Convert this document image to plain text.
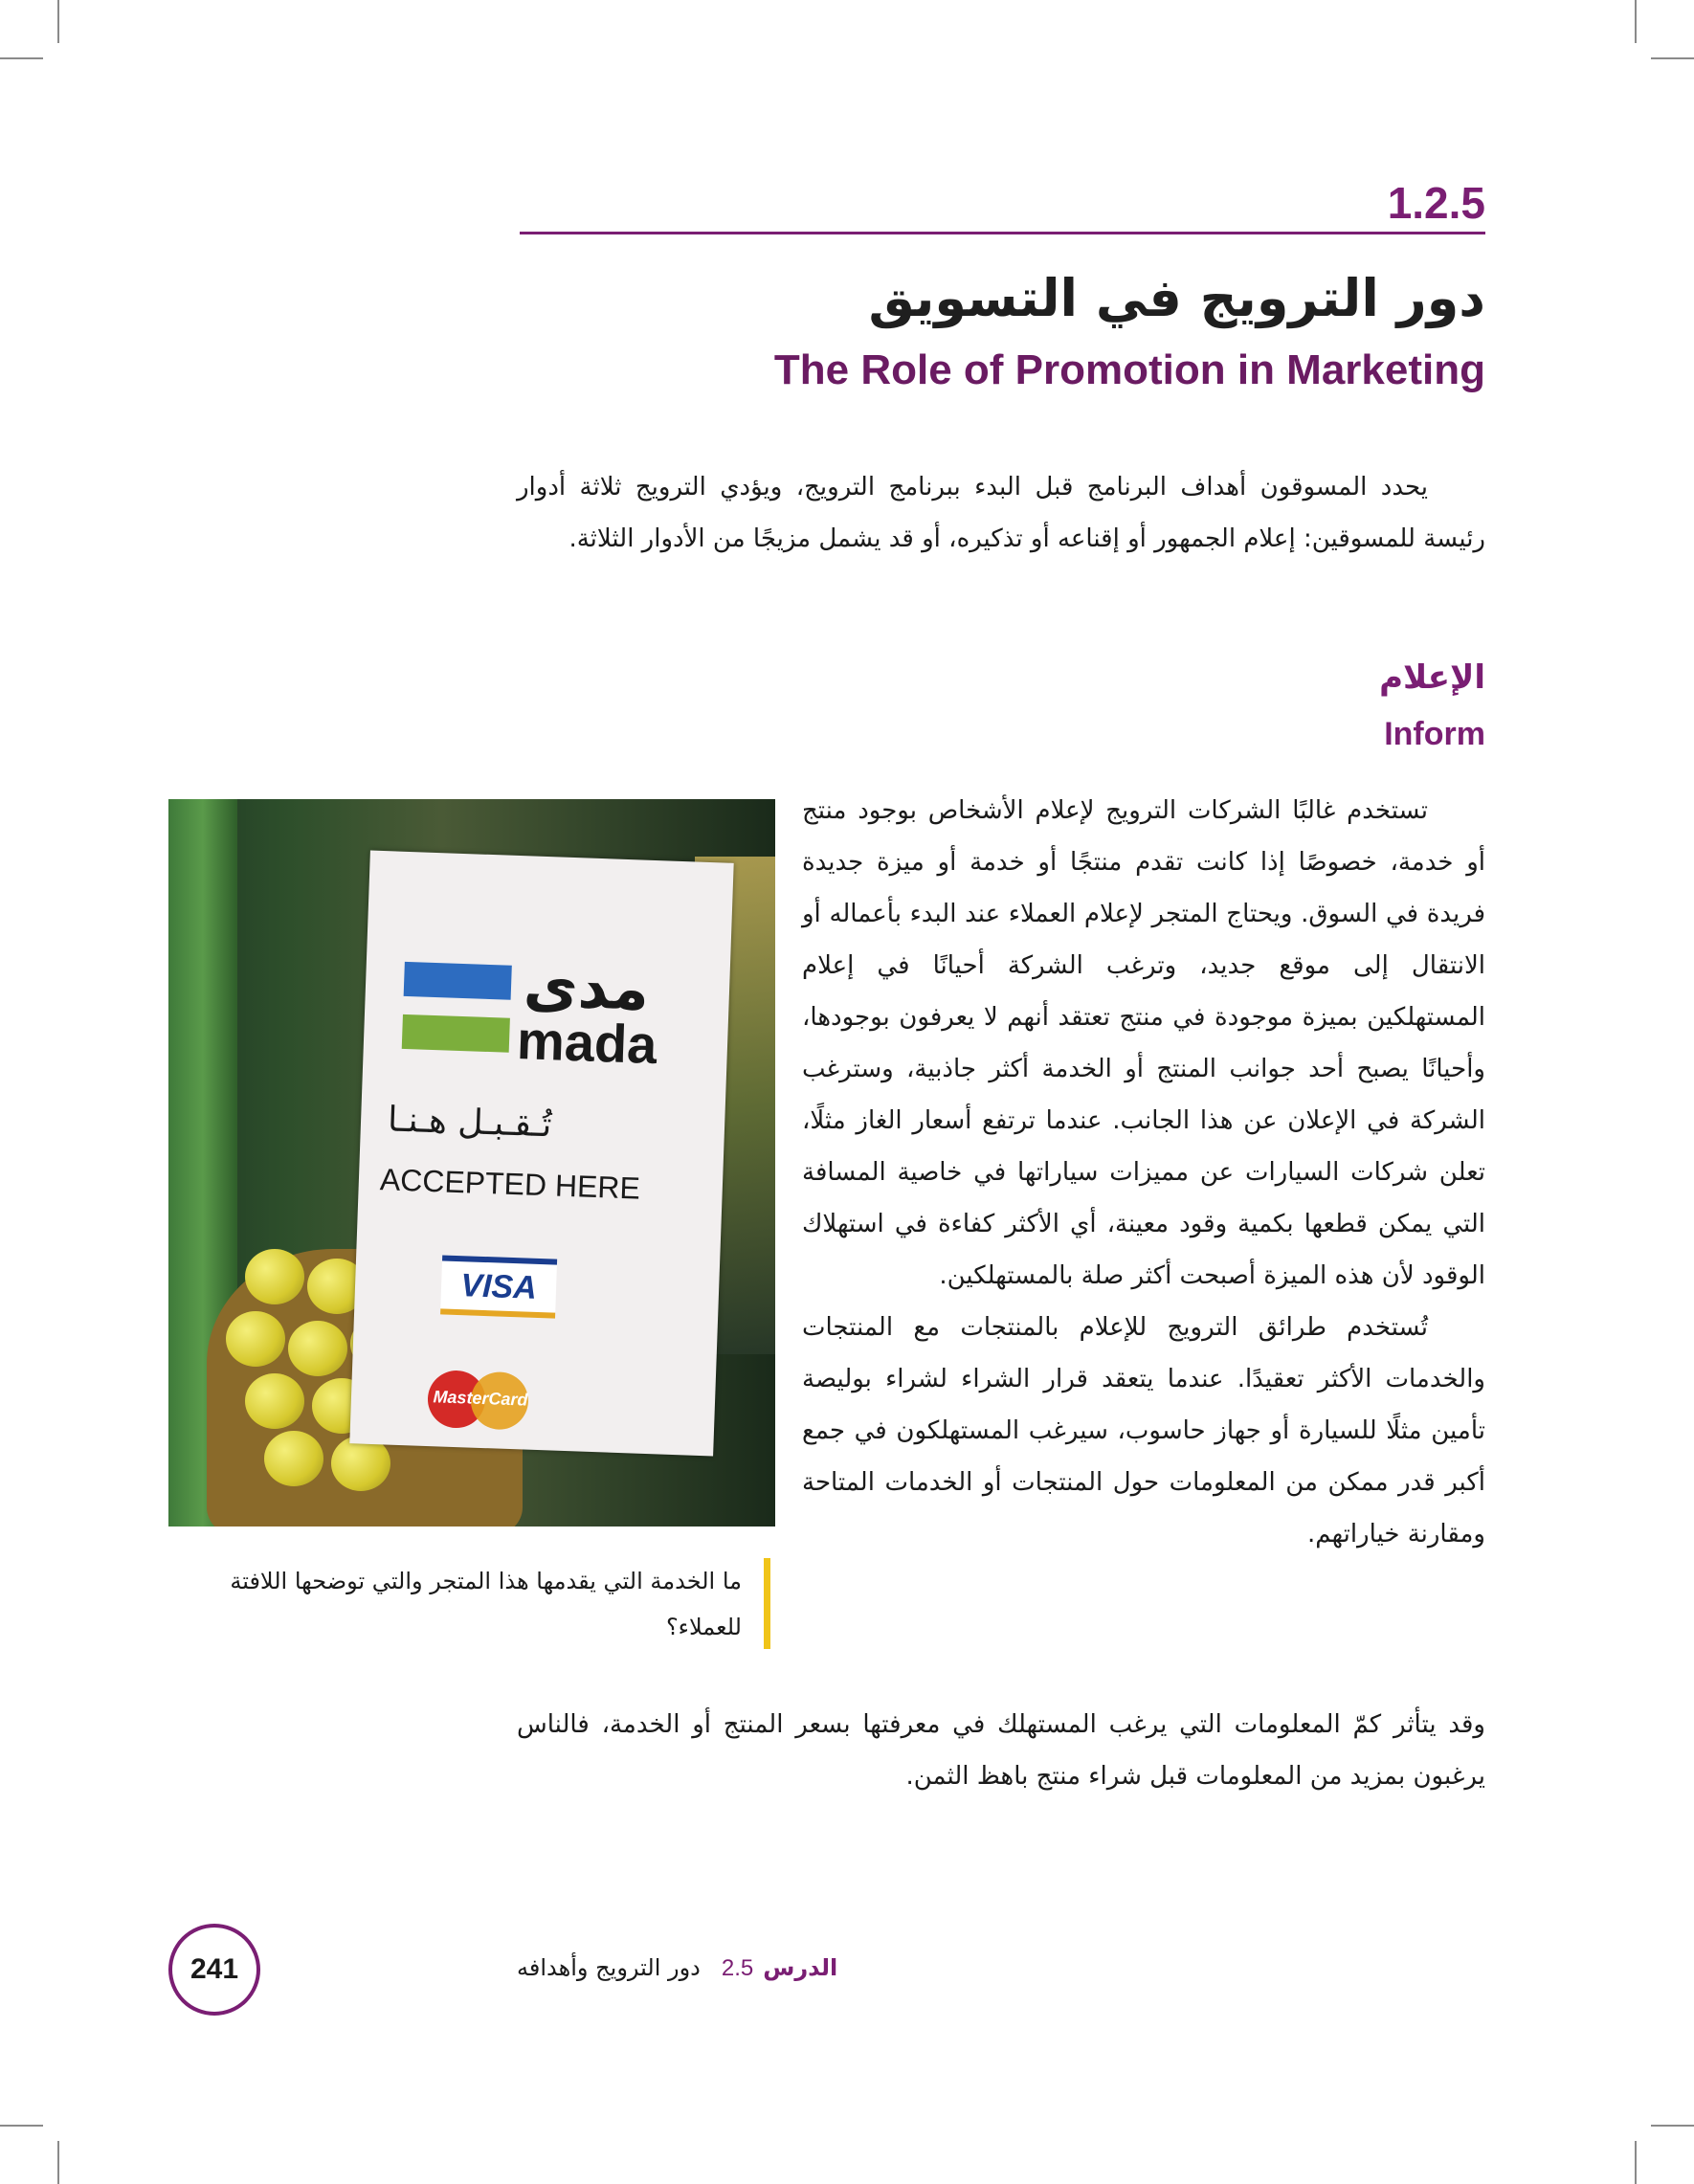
1.2.5
دور الترويج في التسويق
The Role of Promotion in Marketing

يحدد المسوقون أهداف البرنامج قبل البدء ببرنامج الترويج، ويؤدي الترويج ثلاثة أدوار رئيسة للمسوقين: إعلام الجمهور أو إقناعه أو تذكيره، أو قد يشمل مزيجًا من الأدوار الثلاثة.

الإعلام
Inform

تستخدم غالبًا الشركات الترويج لإعلام الأشخاص بوجود منتج أو خدمة، خصوصًا إذا كانت تقدم منتجًا أو خدمة أو ميزة جديدة فريدة في السوق. ويحتاج المتجر لإعلام العملاء عند البدء بأعماله أو الانتقال إلى موقع جديد، وترغب الشركة أحيانًا في إعلام المستهلكين بميزة موجودة في منتج تعتقد أنهم لا يعرفون بوجودها، وأحيانًا يصبح أحد جوانب المنتج أو الخدمة أكثر جاذبية، وسترغب الشركة في الإعلان عن هذا الجانب. عندما ترتفع أسعار الغاز مثلًا، تعلن شركات السيارات عن مميزات سياراتها في خاصية المسافة التي يمكن قطعها بكمية وقود معينة، أي الأكثر كفاءة في استهلاك الوقود لأن هذه الميزة أصبحت أكثر صلة بالمستهلكين.

تُستخدم طرائق الترويج للإعلام بالمنتجات مع المنتجات والخدمات الأكثر تعقيدًا. عندما يتعقد قرار الشراء لشراء بوليصة تأمين مثلًا للسيارة أو جهاز حاسوب، سيرغب المستهلكون في جمع أكبر قدر ممكن من المعلومات حول المنتجات أو الخدمات المتاحة ومقارنة خياراتهم.

وقد يتأثر كمّ المعلومات التي يرغب المستهلك في معرفتها بسعر المنتج أو الخدمة، فالناس يرغبون بمزيد من المعلومات قبل شراء منتج باهظ الثمن.

مدى
mada
تُـقـبـل هـنـا
ACCEPTED HERE
VISA
MasterCard
ما الخدمة التي يقدمها هذا المتجر والتي توضحها اللافتة للعملاء؟
241	الدرس2.5دور الترويج وأهدافه
